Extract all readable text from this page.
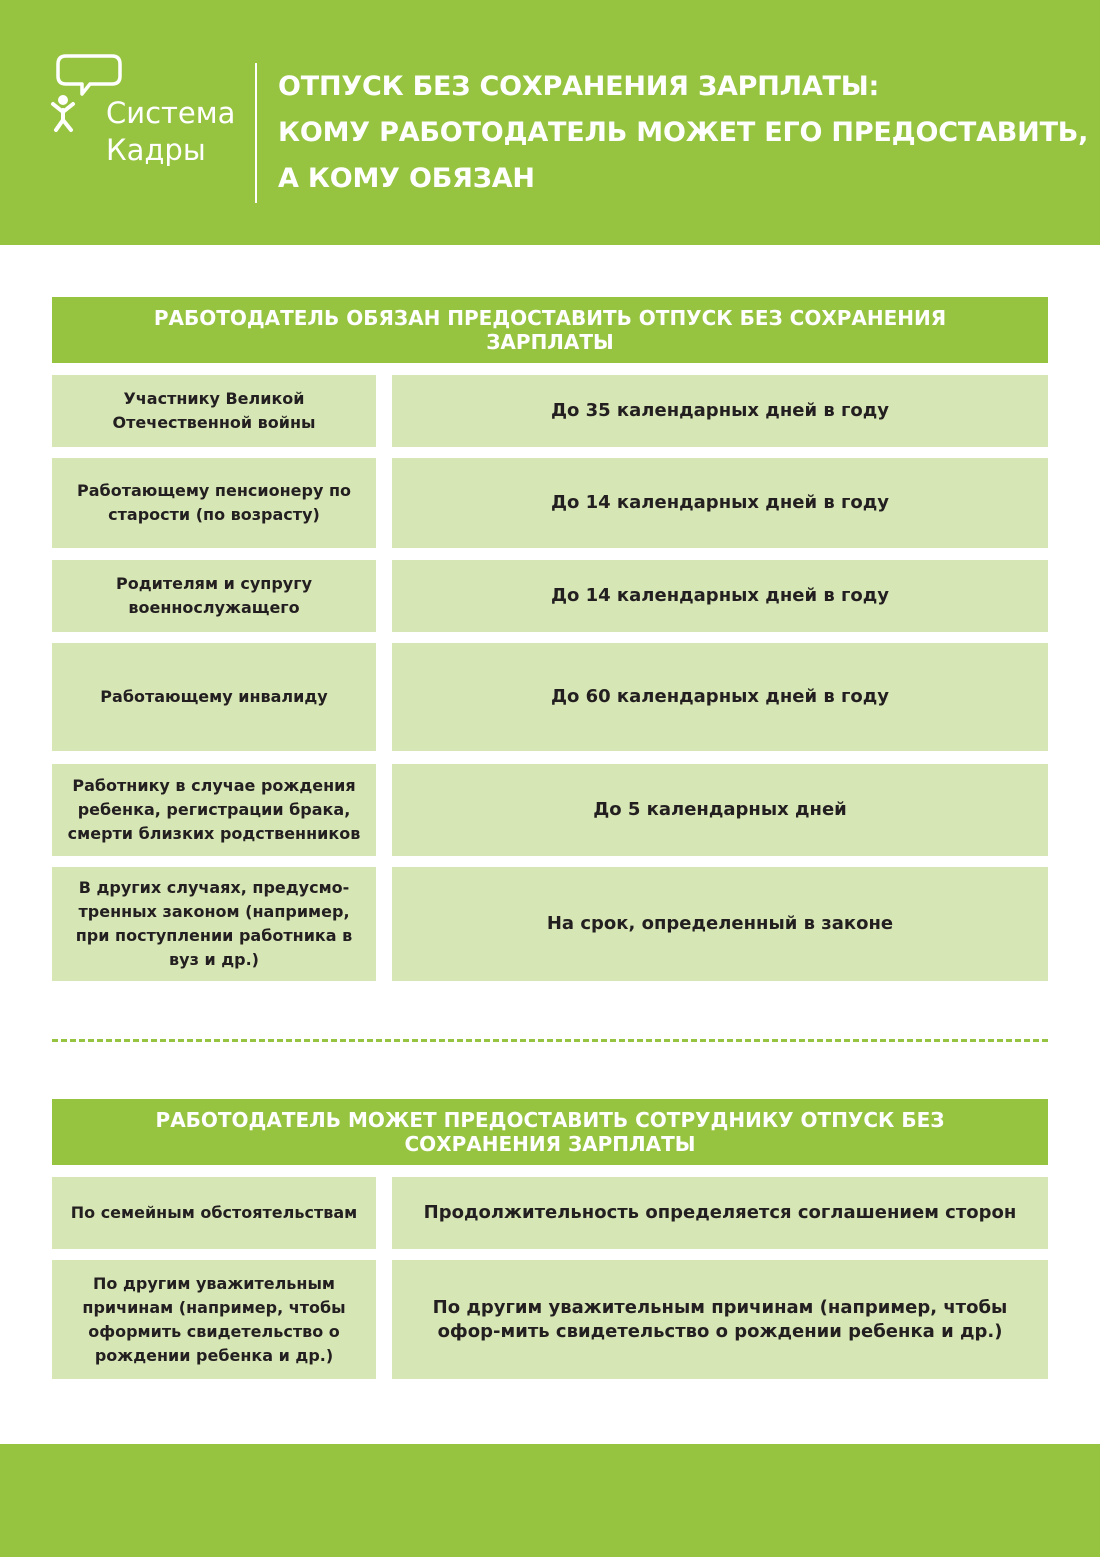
Система
Кадры
ОТПУСК БЕЗ СОХРАНЕНИЯ ЗАРПЛАТЫ:
КОМУ РАБОТОДАТЕЛЬ МОЖЕТ ЕГО ПРЕДОСТАВИТЬ,
А КОМУ ОБЯЗАН
РАБОТОДАТЕЛЬ ОБЯЗАН ПРЕДОСТАВИТЬ ОТПУСК БЕЗ СОХРАНЕНИЯ ЗАРПЛАТЫ
Участнику Великой Отечественной войны
До 35 календарных дней в году
Работающему пенсионеру по старости (по возрасту)
До 14 календарных дней в году
Родителям и супругу военнослужащего
До 14 календарных дней в году
Работающему инвалиду	До 60 календарных дней в году
Работнику в случае рождения ребенка, регистрации брака, смерти близких родственников
До 5 календарных дней
В других случаях, предусмо-тренных законом (например, при поступлении работника в вуз и др.)
На срок, определенный в законе
РАБОТОДАТЕЛЬ МОЖЕТ ПРЕДОСТАВИТЬ СОТРУДНИКУ ОТПУСК БЕЗ СОХРАНЕНИЯ ЗАРПЛАТЫ
По семейным обстоятельствам	Продолжительность определяется соглашением сторон
По другим уважительным причинам (например, чтобы оформить свидетельство о рождении ребенка и др.)
По другим уважительным причинам (например, чтобы офор-мить свидетельство о рождении ребенка и др.)
